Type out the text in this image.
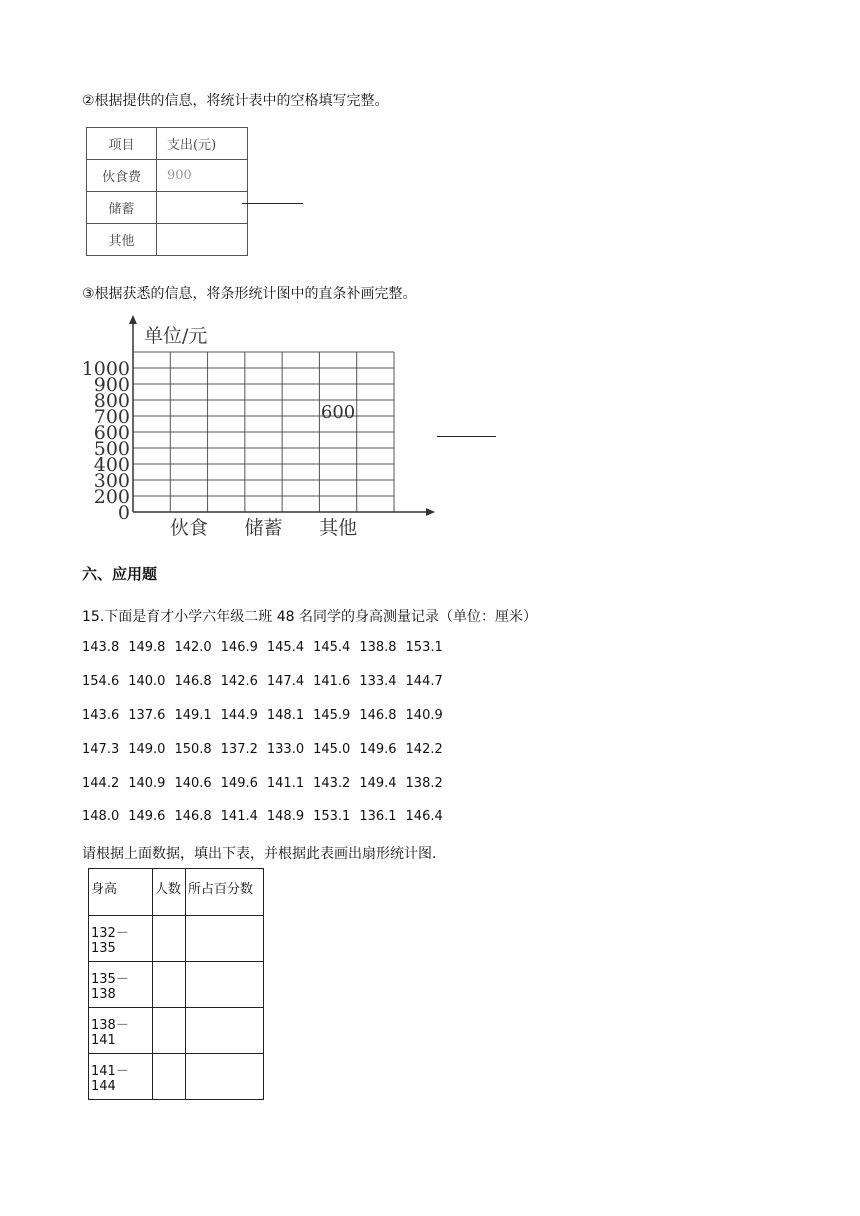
②根据提供的信息，将统计表中的空格填写完整。
项目	支出(元)
伙食费	900
储蓄	
其他	
③根据获悉的信息，将条形统计图中的直条补画完整。
单位/元
0
200
300
400
500
600
700
800
900
1000
伙食 储蓄 其他
600
六、应用题
15.下面是育才小学六年级二班 48 名同学的身高测量记录（单位：厘米）
143.8 149.8 142.0 146.9 145.4 145.4 138.8 153.1
154.6 140.0 146.8 142.6 147.4 141.6 133.4 144.7
143.6 137.6 149.1 144.9 148.1 145.9 146.8 140.9
147.3 149.0 150.8 137.2 133.0 145.0 149.6 142.2
144.2 140.9 140.6 149.6 141.1 143.2 149.4 138.2
148.0 149.6 146.8 141.4 148.9 153.1 136.1 146.4
请根据上面数据，填出下表，并根据此表画出扇形统计图.
身高	人数	所占百分数
132－135		
135－138		
138－141		
141－144		
